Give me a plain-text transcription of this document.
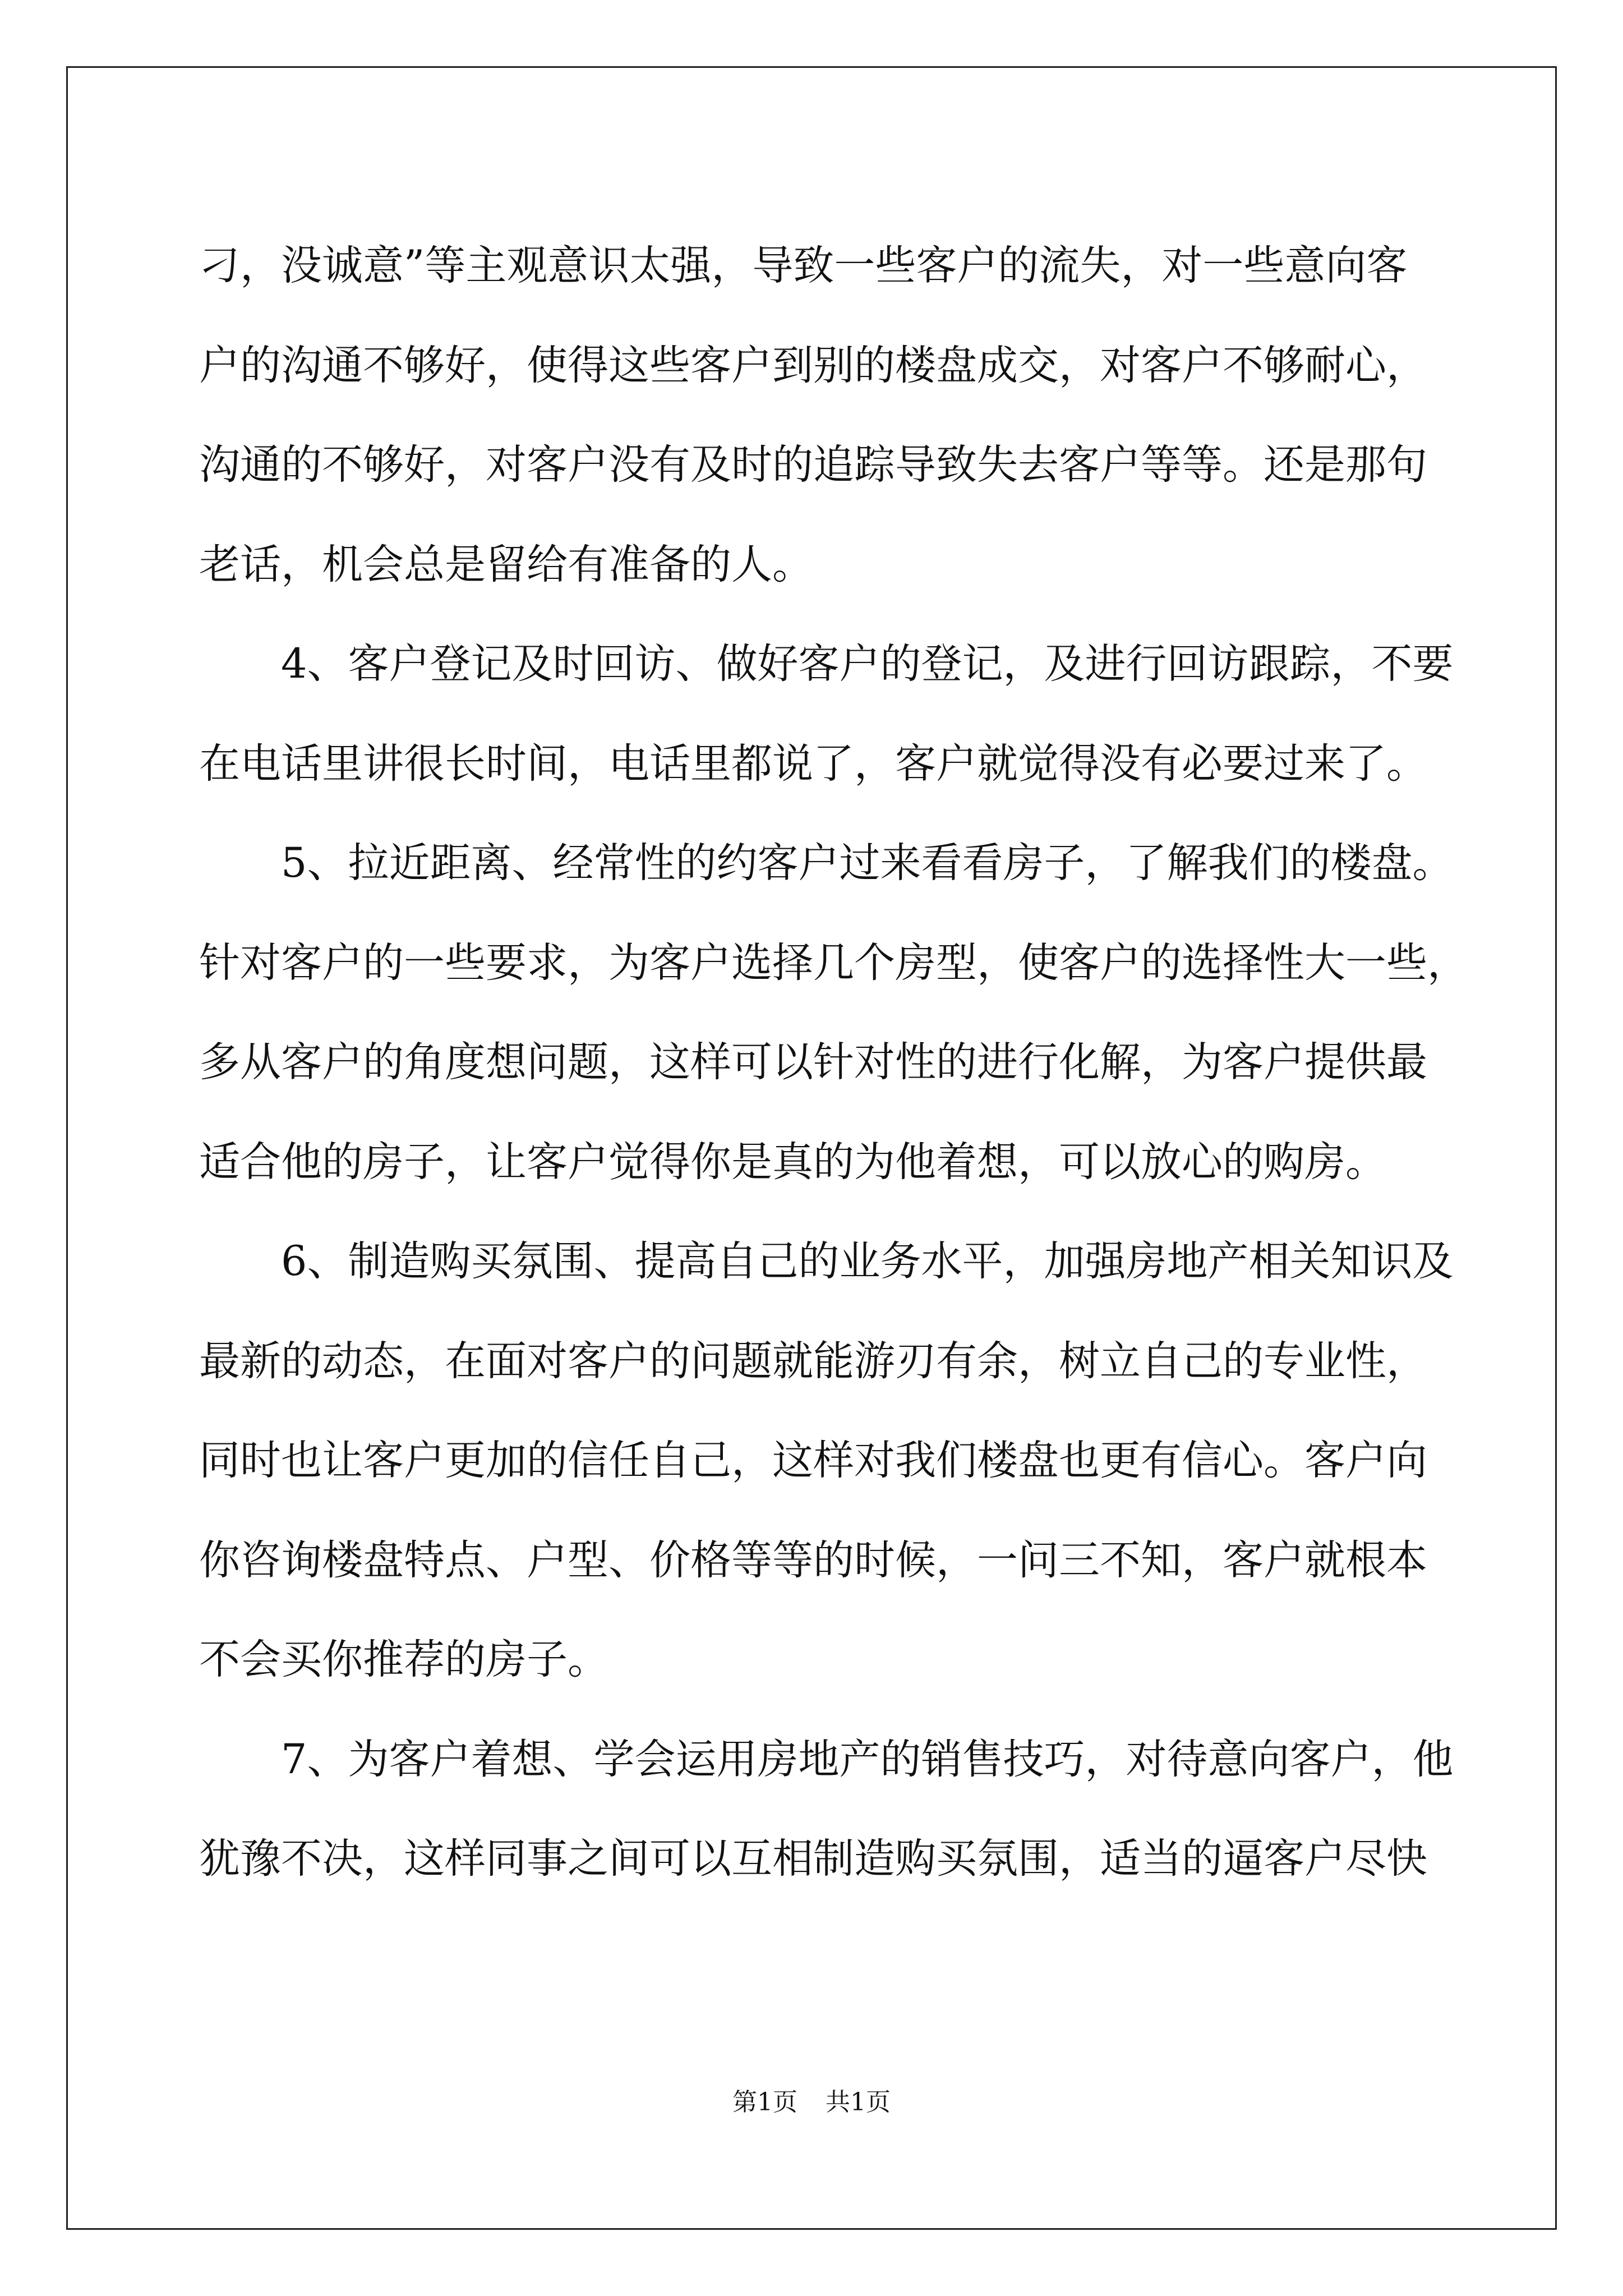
刁，没诚意”等主观意识太强，导致一些客户的流失，对一些意向客
户的沟通不够好，使得这些客户到别的楼盘成交，对客户不够耐心，
沟通的不够好，对客户没有及时的追踪导致失去客户等等。还是那句
老话，机会总是留给有准备的人。
4、客户登记及时回访、做好客户的登记，及进行回访跟踪，不要
在电话里讲很长时间，电话里都说了，客户就觉得没有必要过来了。
5、拉近距离、经常性的约客户过来看看房子，了解我们的楼盘。
针对客户的一些要求，为客户选择几个房型，使客户的选择性大一些，
多从客户的角度想问题，这样可以针对性的进行化解，为客户提供最
适合他的房子，让客户觉得你是真的为他着想，可以放心的购房。
6、制造购买氛围、提高自己的业务水平，加强房地产相关知识及
最新的动态，在面对客户的问题就能游刃有余，树立自己的专业性，
同时也让客户更加的信任自己，这样对我们楼盘也更有信心。客户向
你咨询楼盘特点、户型、价格等等的时候，一问三不知，客户就根本
不会买你推荐的房子。
7、为客户着想、学会运用房地产的销售技巧，对待意向客户，他
犹豫不决，这样同事之间可以互相制造购买氛围，适当的逼客户尽快
第1页 共1页
